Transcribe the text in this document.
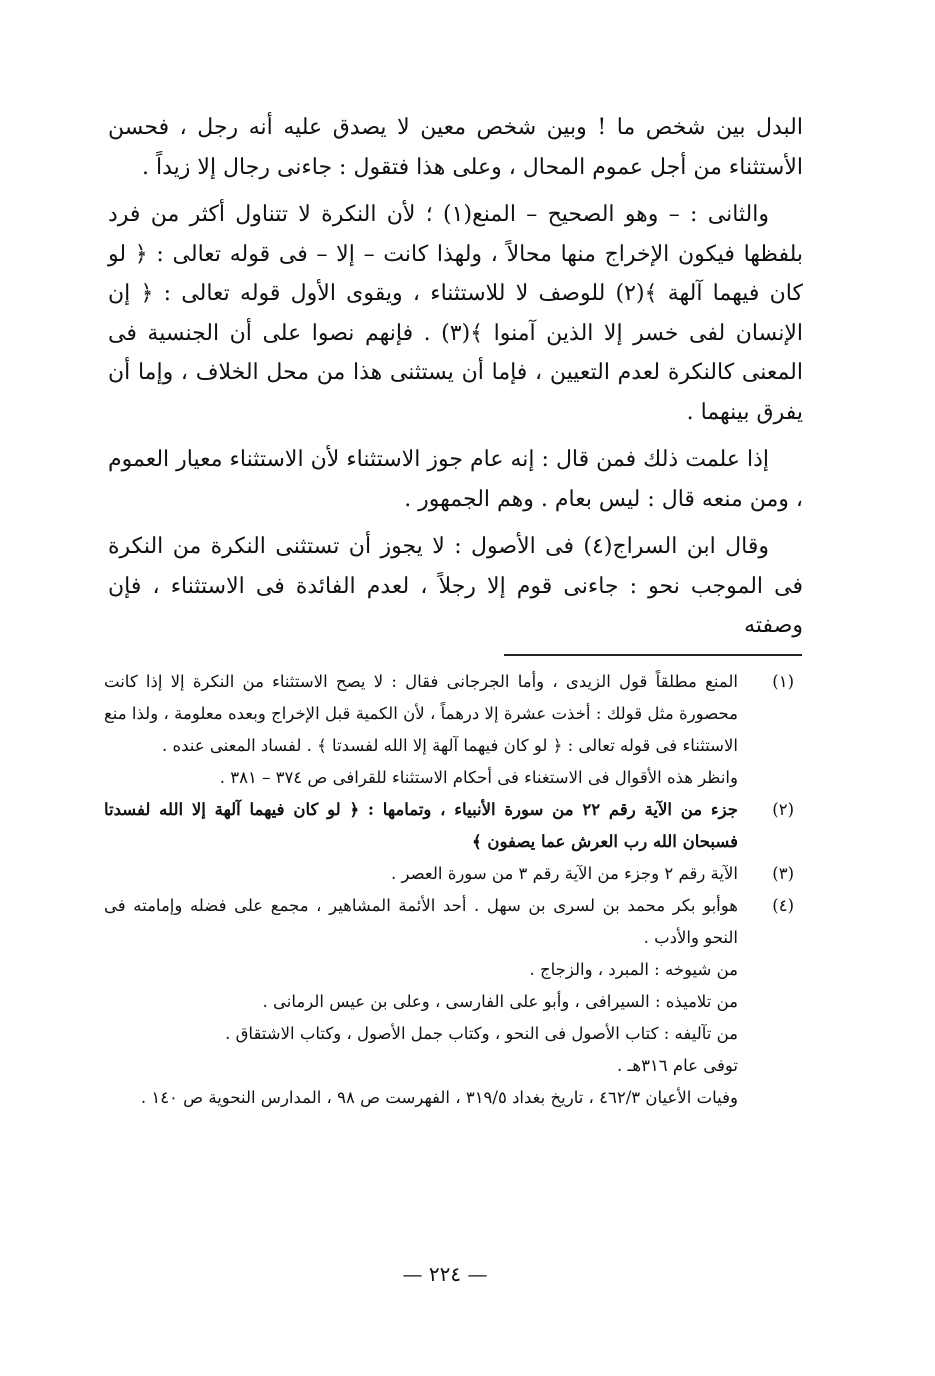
البدل بين شخص ما ! وبين شخص معين لا يصدق عليه أنه رجل ، فحسن الأستثناء من أجل عموم المحال ، وعلى هذا فتقول : جاءنى رجال إلا زيداً .

والثانى : – وهو الصحيح – المنع(١) ؛ لأن النكرة لا تتناول أكثر من فرد بلفظها فيكون الإخراج منها محالاً ، ولهذا كانت – إلا – فى قوله تعالى : ﴿ لو كان فيهما آلهة ﴾(٢) للوصف لا للاستثناء ، ويقوى الأول قوله تعالى : ﴿ إن الإنسان لفى خسر إلا الذين آمنوا ﴾(٣) . فإنهم نصوا على أن الجنسية فى المعنى كالنكرة لعدم التعيين ، فإما أن يستثنى هذا من محل الخلاف ، وإما أن يفرق بينهما .

إذا علمت ذلك فمن قال : إنه عام جوز الاستثناء لأن الاستثناء معيار العموم ، ومن منعه قال : ليس بعام . وهم الجمهور .

وقال ابن السراج(٤) فى الأصول : لا يجوز أن تستثنى النكرة من النكرة فى الموجب نحو : جاءنى قوم إلا رجلاً ، لعدم الفائدة فى الاستثناء ، فإن وصفته

(١)

المنع مطلقاً قول الزيدى ، وأما الجرجانى فقال : لا يصح الاستثناء من النكرة إلا إذا كانت محصورة مثل قولك : أخذت عشرة إلا درهماً ، لأن الكمية قبل الإخراج وبعده معلومة ، ولذا منع الاستثناء فى قوله تعالى : ﴿ لو كان فيهما آلهة إلا الله لفسدتا ﴾ . لفساد المعنى عنده .

وانظر هذه الأقوال فى الاستغناء فى أحكام الاستثناء للقرافى ص ٣٧٤ – ٣٨١ .

(٢)

جزء من الآية رقم ٢٢ من سورة الأنبياء ، وتمامها : ﴿ لو كان فيهما آلهة إلا الله لفسدتا فسبحان الله رب العرش عما يصفون ﴾

(٣)

الآية رقم ٢ وجزء من الآية رقم ٣ من سورة العصر .

(٤)

هوأبو بكر محمد بن لسرى بن سهل . أحد الأئمة المشاهير ، مجمع على فضله وإمامته فى النحو والأدب .

من شيوخه : المبرد ، والزجاج .

من تلاميذه : السيرافى ، وأبو على الفارسى ، وعلى بن عيس الرمانى .

من تآليفه : كتاب الأصول فى النحو ، وكتاب جمل الأصول ، وكتاب الاشتقاق .

توفى عام ٣١٦هـ .

وفيات الأعيان ٤٦٢/٣ ، تاريخ بغداد ٣١٩/٥ ، الفهرست ص ٩٨ ، المدارس النحوية ص ١٤٠ .

— ٢٢٤ —
